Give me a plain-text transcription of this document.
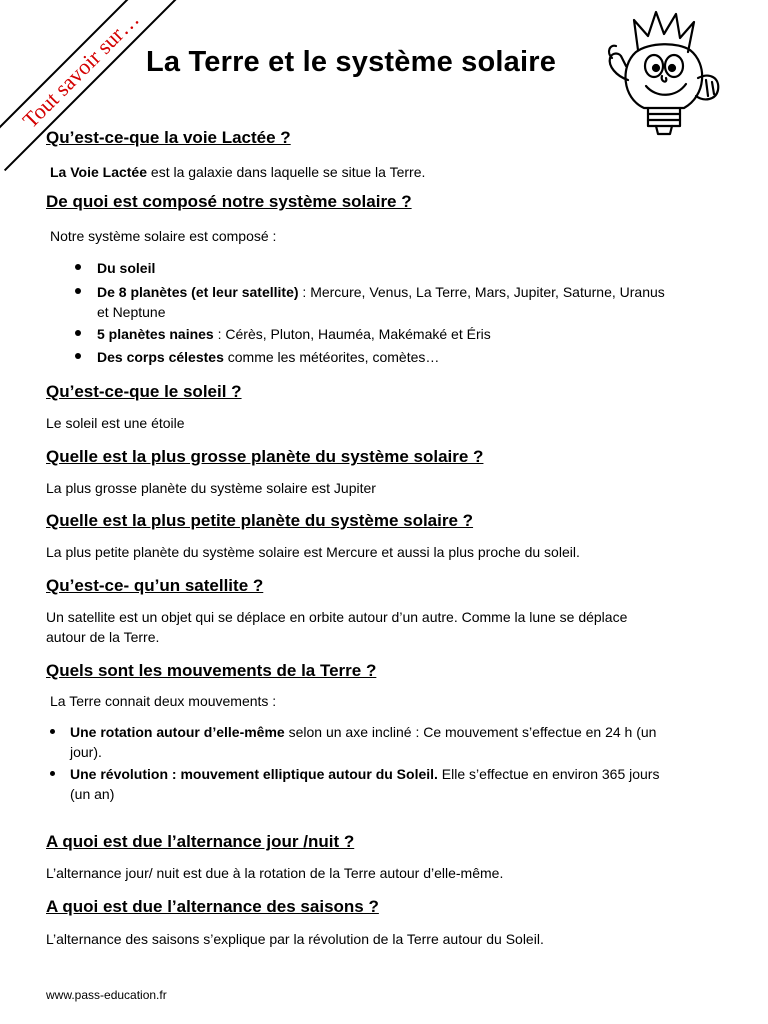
Tout savoir sur… La Terre et le système solaire
Qu’est-ce-que la voie Lactée ?

La Voie Lactée est la galaxie dans laquelle se situe la Terre.

De quoi est composé notre système solaire ?

Notre système solaire est composé :

Du soleil
De 8 planètes (et leur satellite) : Mercure, Venus, La Terre, Mars, Jupiter, Saturne, Uranus
et Neptune
5 planètes naines : Cérès, Pluton, Hauméa, Makémaké et Éris
Des corps célestes comme les météorites, comètes…
Qu’est-ce-que le soleil ?

Le soleil est une étoile

Quelle est la plus grosse planète du système solaire ?

La plus grosse planète du système solaire est Jupiter

Quelle est la plus petite planète du système solaire ?

La plus petite planète du système solaire est Mercure et aussi la plus proche du soleil.

Qu’est-ce- qu’un satellite ?

Un satellite est un objet qui se déplace en orbite autour d’un autre. Comme la lune se déplace
autour de la Terre.

Quels sont les mouvements de la Terre ?

La Terre connait deux mouvements :

Une rotation autour d’elle-même selon un axe incliné : Ce mouvement s’effectue en 24 h (un
jour).
Une révolution : mouvement elliptique autour du Soleil. Elle s’effectue en environ 365 jours
(un an)
A quoi est due l’alternance jour /nuit ?

L’alternance jour/ nuit est due à la rotation de la Terre autour d’elle-même.

A quoi est due l’alternance des saisons ?

L’alternance des saisons s’explique par la révolution de la Terre autour du Soleil.

www.pass-education.fr
